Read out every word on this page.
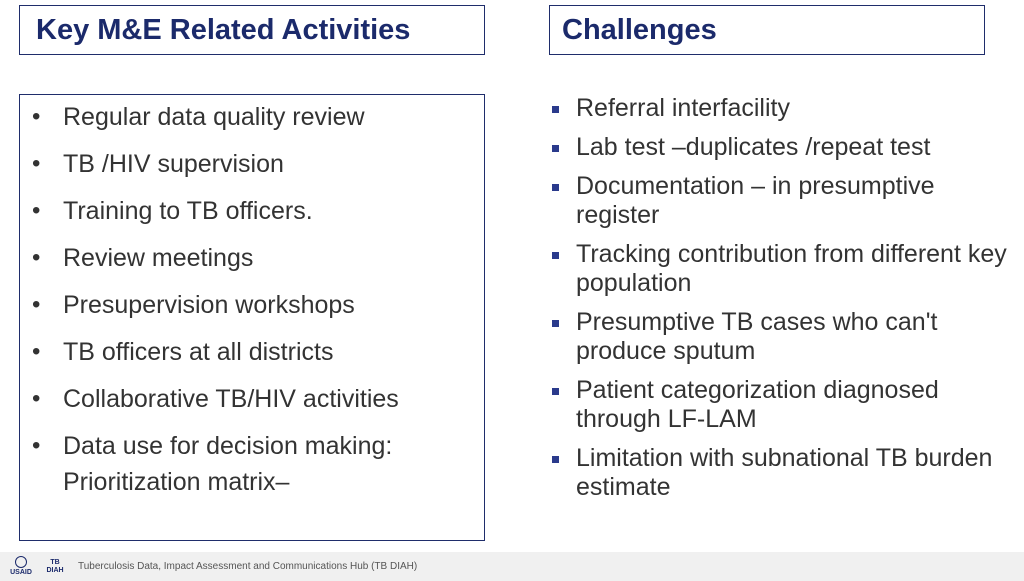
Key M&E Related Activities	Challenges
• Regular data quality review
• TB /HIV supervision
• Training to TB officers.
• Review meetings
• Presupervision workshops
• TB officers at all districts
• Collaborative TB/HIV activities
• Data use for decision making: Prioritization matrix–
Referral interfacility
Lab test –duplicates /repeat test
Documentation – in presumptive register
Tracking contribution from different key population
Presumptive TB cases who can't produce sputum
Patient categorization diagnosed through LF-LAM
Limitation with subnational TB burden estimate
USAID
TB DIAH Tuberculosis Data, Impact Assessment and Communications Hub (TB DIAH)
